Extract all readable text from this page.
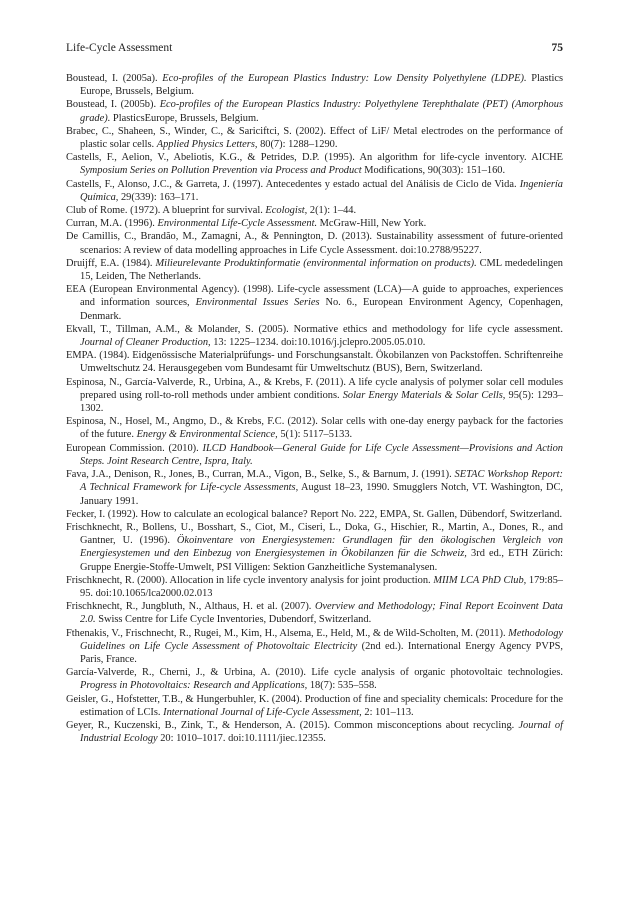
Life-Cycle Assessment	75

Boustead, I. (2005a). Eco-profiles of the European Plastics Industry: Low Density Polyethylene (LDPE). Plastics Europe, Brussels, Belgium.

Boustead, I. (2005b). Eco-profiles of the European Plastics Industry: Polyethylene Terephthalate (PET) (Amorphous grade). PlasticsEurope, Brussels, Belgium.

Brabec, C., Shaheen, S., Winder, C., & Sariciftci, S. (2002). Effect of LiF/ Metal electrodes on the performance of plastic solar cells. Applied Physics Letters, 80(7): 1288–1290.

Castells, F., Aelion, V., Abeliotis, K.G., & Petrides, D.P. (1995). An algorithm for life-cycle inventory. AICHE Symposium Series on Pollution Prevention via Process and Product Modifications, 90(303): 151–160.

Castells, F., Alonso, J.C., & Garreta, J. (1997). Antecedentes y estado actual del Análisis de Ciclo de Vida. Ingeniería Química, 29(339): 163–171.

Club of Rome. (1972). A blueprint for survival. Ecologist, 2(1): 1–44.

Curran, M.A. (1996). Environmental Life-Cycle Assessment. McGraw-Hill, New York.

De Camillis, C., Brandão, M., Zamagni, A., & Pennington, D. (2013). Sustainability assessment of future-oriented scenarios: A review of data modelling approaches in Life Cycle Assessment. doi:10.2788/95227.

Druijff, E.A. (1984). Milieurelevante Produktinformatie (environmental information on products). CML mededelingen 15, Leiden, The Netherlands.

EEA (European Environmental Agency). (1998). Life-cycle assessment (LCA)—A guide to approaches, experiences and information sources, Environmental Issues Series No. 6., European Environment Agency, Copenhagen, Denmark.

Ekvall, T., Tillman, A.M., & Molander, S. (2005). Normative ethics and methodology for life cycle assessment. Journal of Cleaner Production, 13: 1225–1234. doi:10.1016/j.jclepro.2005.05.010.

EMPA. (1984). Eidgenössische Materialprüfungs- und Forschungsanstalt. Ökobilanzen von Packstoffen. Schriftenreihe Umweltschutz 24. Herausgegeben vom Bundesamt für Umweltschutz (BUS), Bern, Switzerland.

Espinosa, N., García-Valverde, R., Urbina, A., & Krebs, F. (2011). A life cycle analysis of polymer solar cell modules prepared using roll-to-roll methods under ambient conditions. Solar Energy Materials & Solar Cells, 95(5): 1293–1302.

Espinosa, N., Hosel, M., Angmo, D., & Krebs, F.C. (2012). Solar cells with one-day energy payback for the factories of the future. Energy & Environmental Science, 5(1): 5117–5133.

European Commission. (2010). ILCD Handbook—General Guide for Life Cycle Assessment—Provisions and Action Steps. Joint Research Centre, Ispra, Italy.

Fava, J.A., Denison, R., Jones, B., Curran, M.A., Vigon, B., Selke, S., & Barnum, J. (1991). SETAC Workshop Report: A Technical Framework for Life-cycle Assessments, August 18–23, 1990. Smugglers Notch, VT. Washington, DC, January 1991.

Fecker, I. (1992). How to calculate an ecological balance? Report No. 222, EMPA, St. Gallen, Dübendorf, Switzerland.

Frischknecht, R., Bollens, U., Bosshart, S., Ciot, M., Ciseri, L., Doka, G., Hischier, R., Martin, A., Dones, R., and Gantner, U. (1996). Ökoinventare von Energiesystemen: Grundlagen für den ökologischen Vergleich von Energiesystemen und den Einbezug von Energiesystemen in Ökobilanzen für die Schweiz, 3rd ed., ETH Zürich: Gruppe Energie-Stoffe-Umwelt, PSI Villigen: Sektion Ganzheitliche Systemanalysen.

Frischknecht, R. (2000). Allocation in life cycle inventory analysis for joint production. MIIM LCA PhD Club, 179:85–95. doi:10.1065/lca2000.02.013

Frischknecht, R., Jungbluth, N., Althaus, H. et al. (2007). Overview and Methodology; Final Report Ecoinvent Data 2.0. Swiss Centre for Life Cycle Inventories, Dubendorf, Switzerland.

Fthenakis, V., Frischnecht, R., Rugei, M., Kim, H., Alsema, E., Held, M., & de Wild-Scholten, M. (2011). Methodology Guidelines on Life Cycle Assessment of Photovoltaic Electricity (2nd ed.). International Energy Agency PVPS, Paris, France.

García-Valverde, R., Cherni, J., & Urbina, A. (2010). Life cycle analysis of organic photovoltaic technologies. Progress in Photovoltaics: Research and Applications, 18(7): 535–558.

Geisler, G., Hofstetter, T.B., & Hungerbuhler, K. (2004). Production of fine and speciality chemicals: Procedure for the estimation of LCIs. International Journal of Life-Cycle Assessment, 2: 101–113.

Geyer, R., Kuczenski, B., Zink, T., & Henderson, A. (2015). Common misconceptions about recycling. Journal of Industrial Ecology 20: 1010–1017. doi:10.1111/jiec.12355.
